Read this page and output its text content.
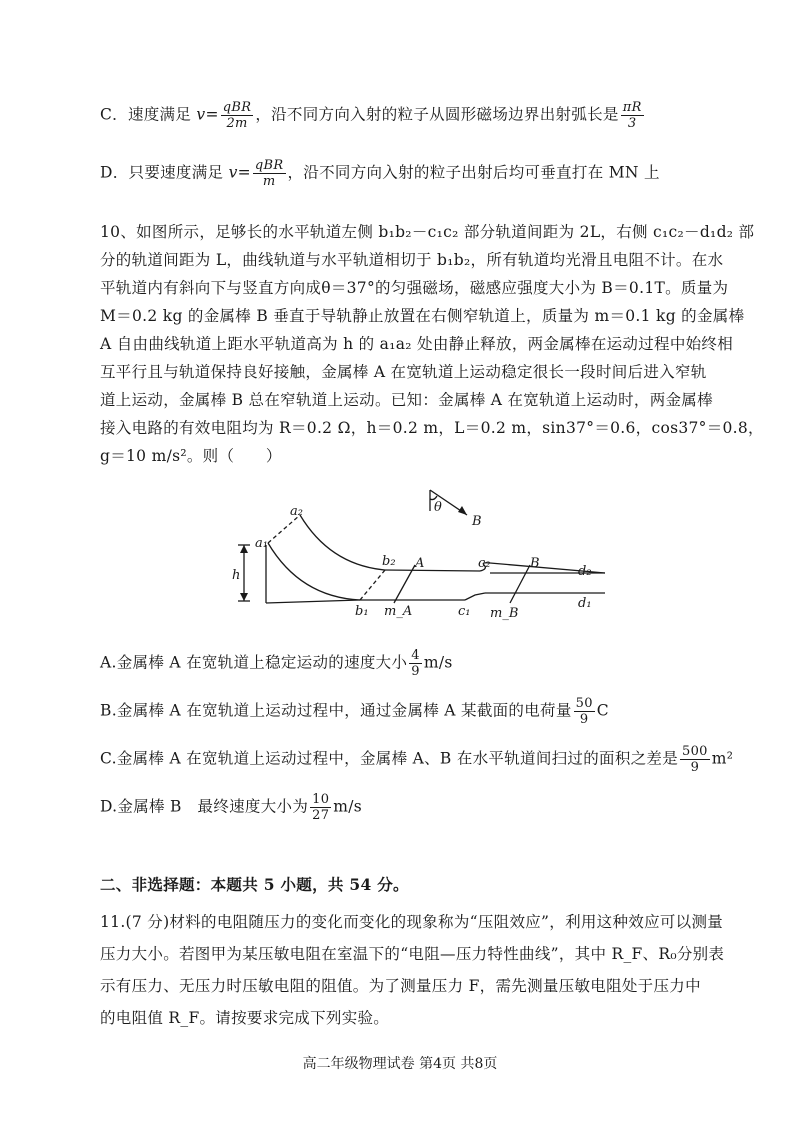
C．速度满足 $v= \frac{\text{qBR}}{2m}$ ，沿不同方向入射的粒子从圆形磁场边界出射弧长是 $\frac{\pi R}{3}$
D．只要速度满足 $v= \frac{\text{qBR}}{m}$ ，沿不同方向入射的粒子出射后均可垂直打在 MN 上
10、如图所示，足够长的水平轨道左侧 b₁b₂－c₁c₂ 部分轨道间距为 2L，右侧 c₁c₂－d₁d₂ 部
分的轨道间距为 L，曲线轨道与水平轨道相切于 b₁b₂，所有轨道均光滑且电阻不计。在水
平轨道内有斜向下与竖直方向成θ＝37°的匀强磁场，磁感应强度大小为 B＝0.1T。质量为
M＝0.2 kg 的金属棒 B 垂直于导轨静止放置在右侧窄轨道上，质量为 m＝0.1 kg 的金属棒
A 自由曲线轨道上距水平轨道高为 h 的 a₁a₂ 处由静止释放，两金属棒在运动过程中始终相
互平行且与轨道保持良好接触，金属棒 A 在宽轨道上运动稳定很长一段时间后进入窄轨
道上运动，金属棒 B 总在窄轨道上运动。已知：金属棒 A 在宽轨道上运动时，两金属棒
接入电路的有效电阻均为 R＝0.2 Ω，h＝0.2 m，L＝0.2 m，sin37°＝0.6，cos37°＝0.8，
g＝10 m/s²。则（　　）
θ
B
a₁
a₂
h
b₂
b₁
A
m_A
c₂
c₁
B
m_B
d₂
d₁
A.金属棒 A 在宽轨道上稳定运动的速度大小 $\frac{4}{9} m/s$
B.金属棒 A 在宽轨道上运动过程中，通过金属棒 A 某截面的电荷量 $\frac{50}{9}$ C
C.金属棒 A 在宽轨道上运动过程中，金属棒 A、B 在水平轨道间扫过的面积之差是 $\frac{500}{9} m^2$
D.金属棒 B　最终速度大小为 $\frac{10}{27} m/s$
二、非选择题：本题共 5 小题，共 54 分。
11.(7 分)材料的电阻随压力的变化而变化的现象称为“压阻效应”，利用这种效应可以测量
压力大小。若图甲为某压敏电阻在室温下的“电阻—压力特性曲线”，其中 R_F、R₀分别表
示有压力、无压力时压敏电阻的阻值。为了测量压力 F，需先测量压敏电阻处于压力中
的电阻值 R_F。请按要求完成下列实验。
高二年级物理试卷 第4页 共8页
